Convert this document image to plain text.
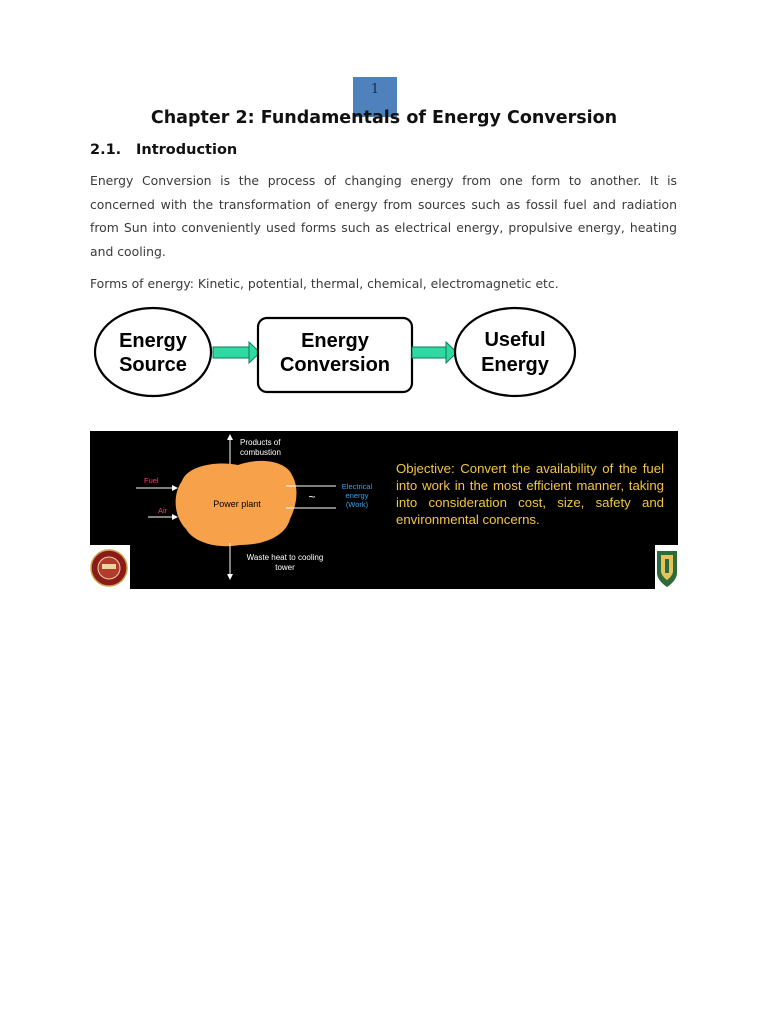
1
Chapter 2: Fundamentals of Energy Conversion
2.1. Introduction

Energy Conversion is the process of changing energy from one form to another. It is concerned with the transformation of energy from sources such as fossil fuel and radiation from Sun into conveniently used forms such as electrical energy, propulsive energy, heating and cooling.

Forms of energy: Kinetic, potential, thermal, chemical, electromagnetic etc.

Energy
Source
Energy
Conversion
Useful
Energy
Products of
combustion
Power plant
Fuel
Air
~
Electrical
energy
(Work)
Waste heat to cooling
tower

Objective: Convert the availability of the fuel into work in the most efficient manner, taking into consideration cost, size, safety and environmental concerns.
